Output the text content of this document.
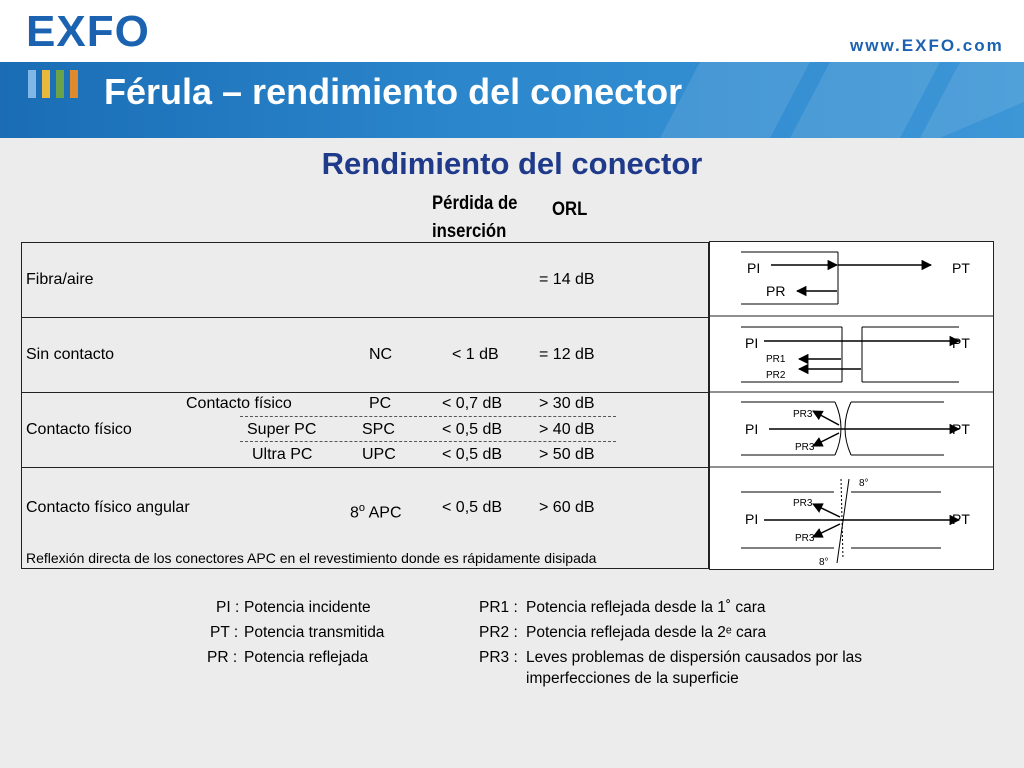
EXFO	www.EXFO.com
Férula – rendimiento del conector
Rendimiento del conector
Pérdida de
inserción
ORL
Fibra/aire	= 14 dB
Sin contacto	NC	< 1 dB	= 12 dB
Contacto físico
Contacto físico	PC	< 0,7 dB > 30 dB
Super PC	SPC	< 0,5 dB > 40 dB
Ultra PC	UPC	< 0,5 dB > 50 dB
Contacto físico angular	8$^o$ APC	< 0,5 dB > 60 dB
Reflexión directa de los conectores APC en el revestimiento donde es rápidamente disipada
PI	PT
PR
PI	PT
PR1
PR2
PI	PT
PR3
PR3
PI	PT
PR3
PR3
8°
8°
PI : Potencia incidente
PT : Potencia transmitida
PR : Potencia reflejada
PR1 : Potencia reflejada desde la 1˚ cara
PR2 : Potencia reflejada desde la 2ᵉ cara
PR3 : Leves problemas de dispersión causados por las
imperfecciones de la superficie
